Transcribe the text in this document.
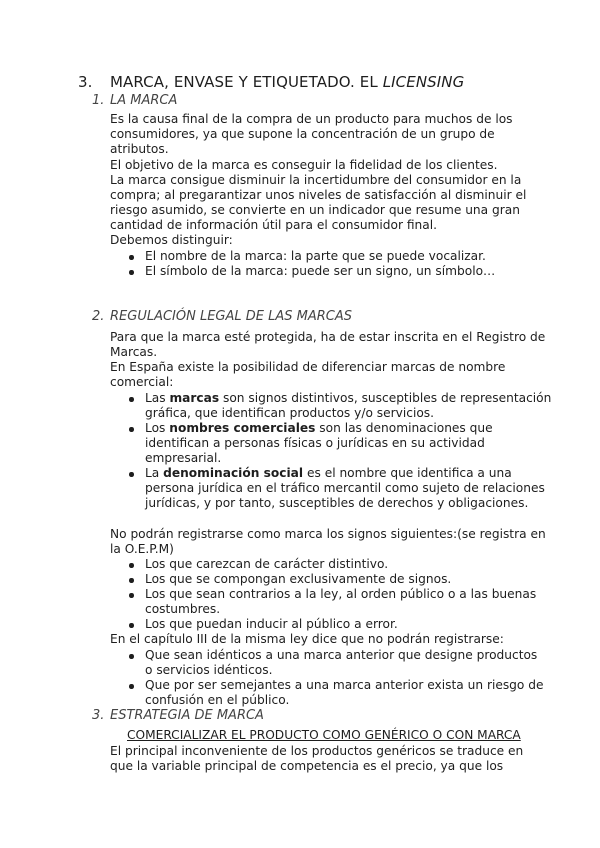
3. MARCA, ENVASE Y ETIQUETADO. EL LICENSING
1. LA MARCA
Es la causa final de la compra de un producto para muchos de los
consumidores, ya que supone la concentración de un grupo de
atributos.
El objetivo de la marca es conseguir la fidelidad de los clientes.
La marca consigue disminuir la incertidumbre del consumidor en la
compra; al pregarantizar unos niveles de satisfacción al disminuir el
riesgo asumido, se convierte en un indicador que resume una gran
cantidad de información útil para el consumidor final.
Debemos distinguir:
El nombre de la marca: la parte que se puede vocalizar.
El símbolo de la marca: puede ser un signo, un símbolo…
2. REGULACIÓN LEGAL DE LAS MARCAS
Para que la marca esté protegida, ha de estar inscrita en el Registro de
Marcas.
En España existe la posibilidad de diferenciar marcas de nombre
comercial:
Las marcas son signos distintivos, susceptibles de representación
gráfica, que identifican productos y/o servicios.
Los nombres comerciales son las denominaciones que
identifican a personas físicas o jurídicas en su actividad
empresarial.
La denominación social es el nombre que identifica a una
persona jurídica en el tráfico mercantil como sujeto de relaciones
jurídicas, y por tanto, susceptibles de derechos y obligaciones.
No podrán registrarse como marca los signos siguientes:(se registra en
la O.E.P.M)
Los que carezcan de carácter distintivo.
Los que se compongan exclusivamente de signos.
Los que sean contrarios a la ley, al orden público o a las buenas
costumbres.
Los que puedan inducir al público a error.
En el capítulo III de la misma ley dice que no podrán registrarse:
Que sean idénticos a una marca anterior que designe productos
o servicios idénticos.
Que por ser semejantes a una marca anterior exista un riesgo de
confusión en el público.
3. ESTRATEGIA DE MARCA
COMERCIALIZAR EL PRODUCTO COMO GENÉRICO O CON MARCA
El principal inconveniente de los productos genéricos se traduce en
que la variable principal de competencia es el precio, ya que los
